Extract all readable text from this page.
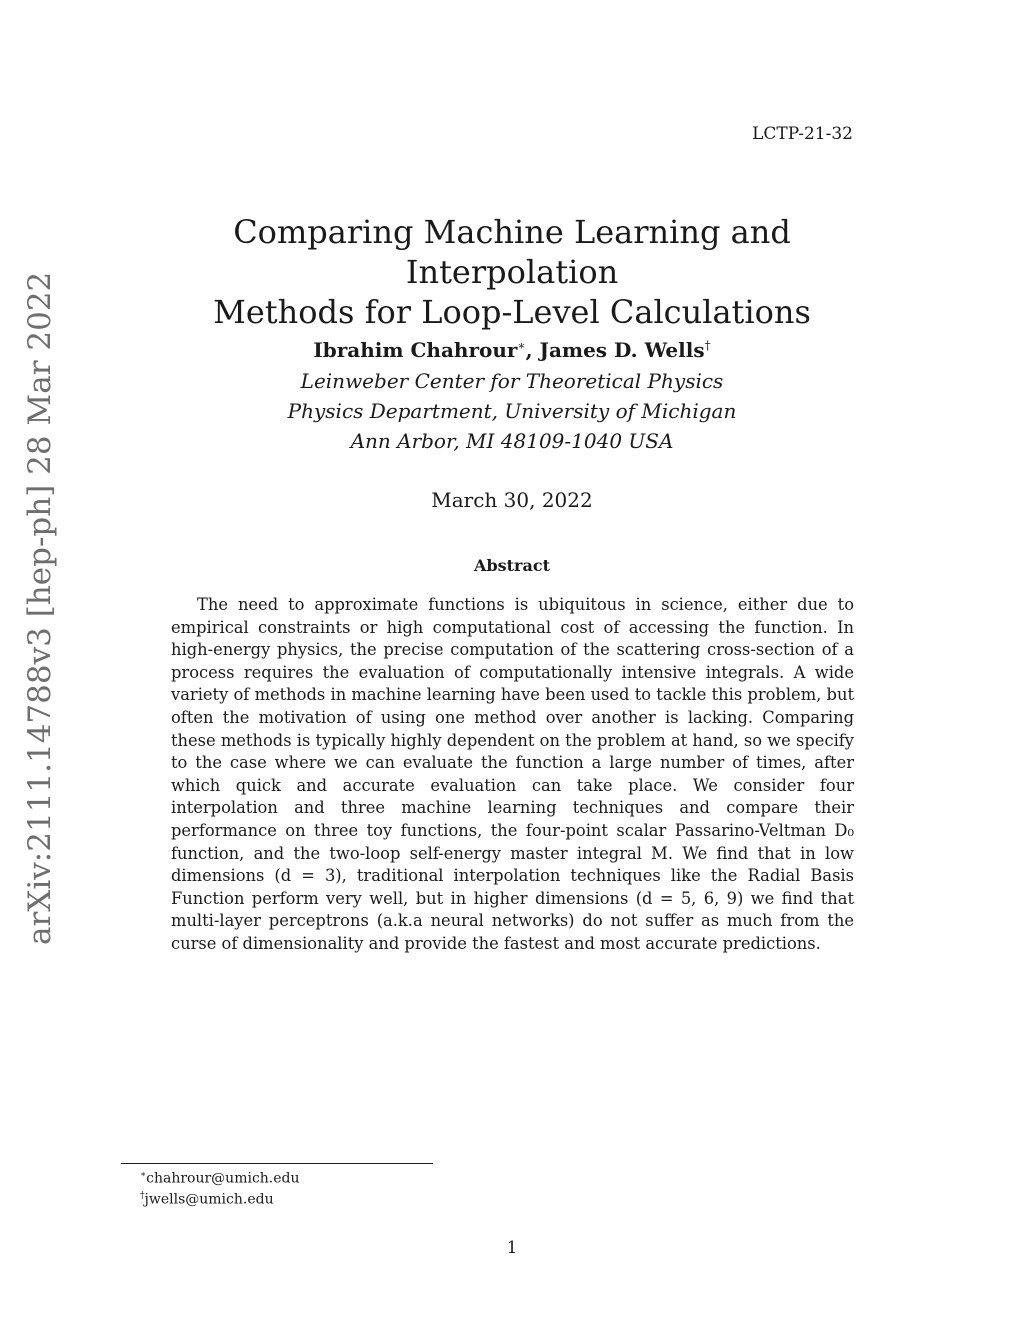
LCTP-21-32
arXiv:2111.14788v3 [hep-ph] 28 Mar 2022
Comparing Machine Learning and Interpolation
Methods for Loop-Level Calculations
Ibrahim Chahrour∗, James D. Wells†
Leinweber Center for Theoretical Physics
Physics Department, University of Michigan
Ann Arbor, MI 48109-1040 USA
March 30, 2022
Abstract

The need to approximate functions is ubiquitous in science, either due to empirical constraints or high computational cost of accessing the function. In high-energy physics, the precise computation of the scattering cross-section of a process requires the evaluation of computationally intensive integrals. A wide variety of methods in machine learning have been used to tackle this problem, but often the motivation of using one method over another is lacking. Comparing these methods is typically highly dependent on the problem at hand, so we specify to the case where we can evaluate the function a large number of times, after which quick and accurate evaluation can take place. We consider four interpolation and three machine learning techniques and compare their performance on three toy functions, the four-point scalar Passarino-Veltman D₀ function, and the two-loop self-energy master integral M. We find that in low dimensions (d = 3), traditional interpolation techniques like the Radial Basis Function perform very well, but in higher dimensions (d = 5, 6, 9) we find that multi-layer perceptrons (a.k.a neural networks) do not suffer as much from the curse of dimensionality and provide the fastest and most accurate predictions.

∗chahrour@umich.edu
†jwells@umich.edu
1
